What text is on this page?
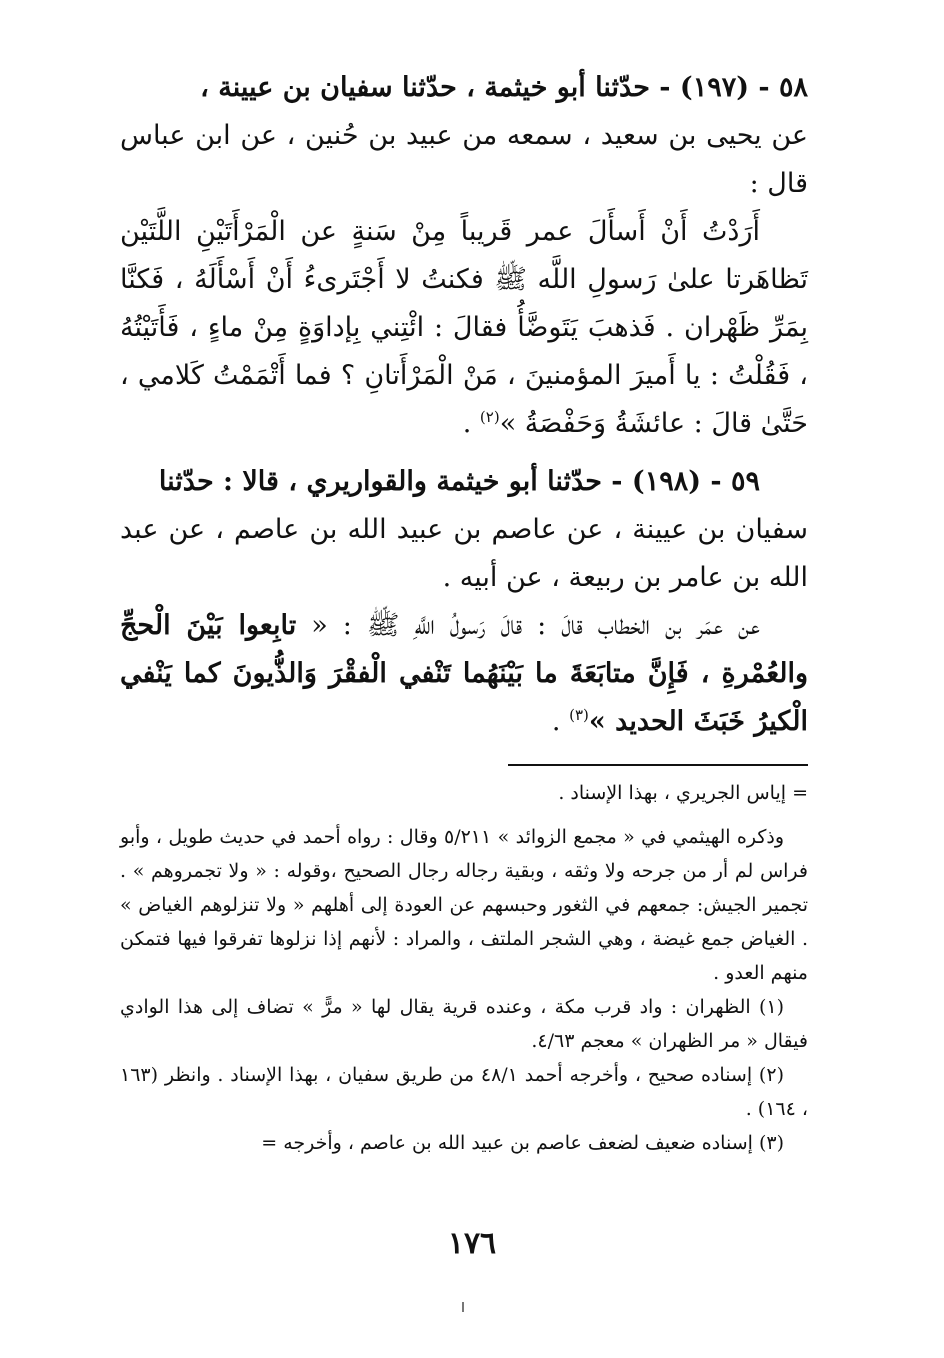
٥٨ - (١٩٧) - حدّثنا أبو خيثمة ، حدّثنا سفيان بن عيينة ،

عن يحيى بن سعيد ، سمعه من عبيد بن حُنين ، عن ابن عباس قال :

أَرَدْتُ أَنْ أَسأَلَ عمر قَريباً مِنْ سَنةٍ عن الْمَرْأَتَيْنِ اللَّتَيْن تَظاهَرتا علىٰ رَسولِ اللَّه ﷺ فكنتُ لا أَجْتَرىءُ أَنْ أَسْأَلَهُ ، فَكنَّا بِمَرِّ ظَهْران . فَذهبَ يَتَوضَّأُ فقالَ : ائْتِني بِإداوَةٍ مِنْ ماءٍ ، فَأَتَيْتُهُ ، فَقُلْتُ : يا أَميرَ المؤمنينَ ، مَنْ الْمَرْأَتانِ ؟ فما أَتْمَمْتُ كَلامي ، حَتَّىٰ قالَ : عائشَةُ وَحَفْصَةُ »$^{(٢)}$ .

٥٩ - (١٩٨) - حدّثنا أبو خيثمة والقواريري ، قالا : حدّثنا

سفيان بن عيينة ، عن عاصم بن عبيد الله بن عاصم ، عن عبد الله بن عامر بن ربيعة ، عن أبيه .

عن عمَر بن الخطاب قالَ : قالَ رَسولُ اللَّهِ ﷺ : « تابِعوا بَيْنَ الْحجِّ والعُمْرةِ ، فَإِنَّ متابَعَةَ ما بَيْنَهُما تَنْفي الْفقْرَ وَالذُّيونَ كما يَنْفي الْكيرُ خَبَثَ الحديد »$^{(٣)}$ .

= إياس الجريري ، بهذا الإسناد .

وذكره الهيثمي في « مجمع الزوائد » ٥/٢١١ وقال : رواه أحمد في حديث طويل ، وأبو فراس لم أر من جرحه ولا وثقه ، وبقية رجاله رجال الصحيح ،وقوله : « ولا تجمروهم » . تجمير الجيش: جمعهم في الثغور وحبسهم عن العودة إلى أهلهم « ولا تنزلوهم الغياض » . الغياض جمع غيضة ، وهي الشجر الملتف ، والمراد : لأنهم إذا نزلوها تفرقوا فيها فتمكن منهم العدو .

(١) الظهران : واد قرب مكة ، وعنده قرية يقال لها « مرًّ » تضاف إلى هذا الوادي فيقال « مر الظهران » معجم ٤/٦٣.

(٢) إسناده صحيح ، وأخرجه أحمد ٤٨/١ من طريق سفيان ، بهذا الإسناد . وانظر (١٦٣ ، ١٦٤) .

(٣) إسناده ضعيف لضعف عاصم بن عبيد الله بن عاصم ، وأخرجه =

١٧٦
